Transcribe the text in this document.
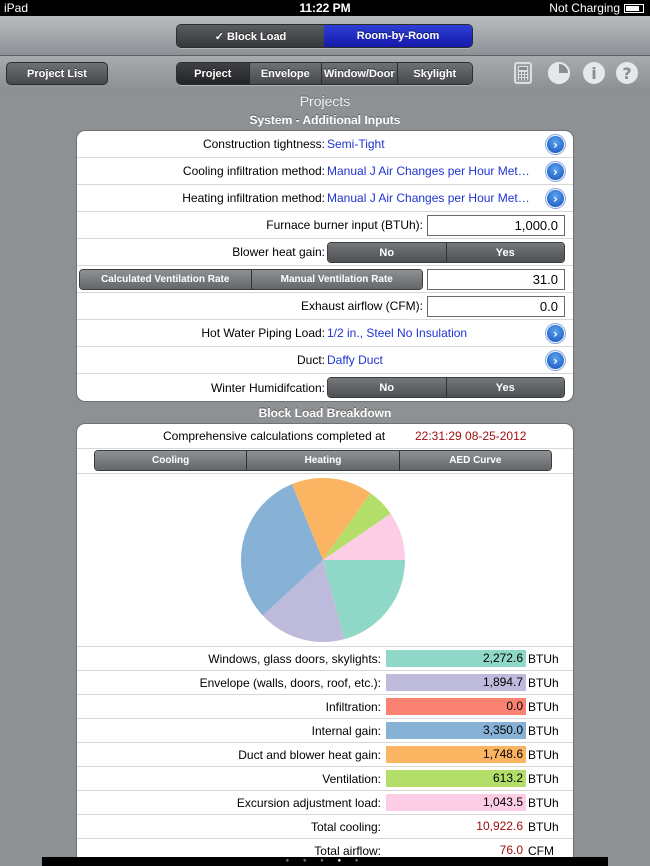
iPad	11:22 PM	Not Charging
✓ Block Load	Room-by-Room
Project List	Project	Envelope	Window/Door	Skylight	i	?
Projects
System - Additional Inputs
Construction tightness: Semi-Tight	›
Cooling infiltration method: Manual J Air Changes per Hour Met…	›
Heating infiltration method: Manual J Air Changes per Hour Met…	›
Furnace burner input (BTUh):	1,000.0
Blower heat gain:	No	Yes
Calculated Ventilation Rate	Manual Ventilation Rate	31.0
Exhaust airflow (CFM):	0.0
Hot Water Piping Load: 1/2 in., Steel No Insulation	›
Duct: Daffy Duct	›
Winter Humidifcation:	No	Yes
Block Load Breakdown
Comprehensive calculations completed at 22:31:29 08-25-2012
Cooling	Heating	AED Curve
Windows, glass doors, skylights:	2,272.6 BTUh
Envelope (walls, doors, roof, etc.):	1,894.7 BTUh
Infiltration:	0.0 BTUh
Internal gain:	3,350.0 BTUh
Duct and blower heat gain:	1,748.6 BTUh
Ventilation:	613.2 BTUh
Excursion adjustment load:	1,043.5 BTUh
Total cooling:	10,922.6 BTUh
Total airflow:	76.0 CFM
● ● ● ● ●
